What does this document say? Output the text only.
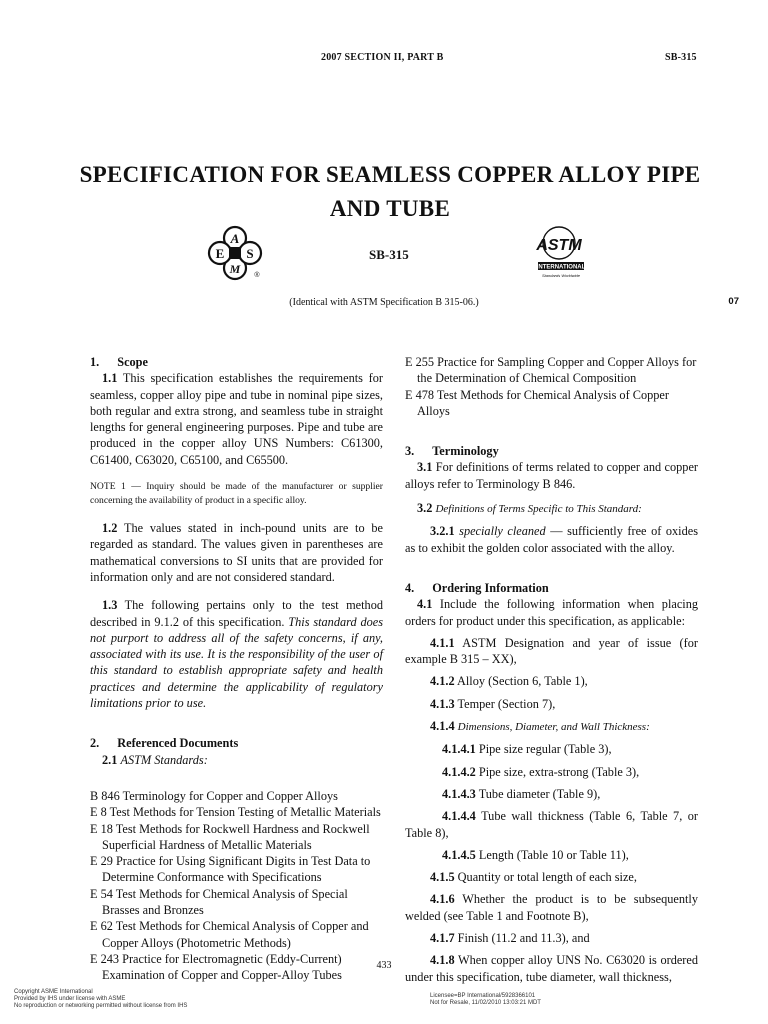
2007 SECTION II, PART B	SB-315
SPECIFICATION FOR SEAMLESS COPPER ALLOY PIPE
AND TUBE
A
E S
M ®
SB-315
ASTM
INTERNATIONAL
Standards Worldwide
(Identical with ASTM Specification B 315-06.)	07

1. Scope

1.1 This specification establishes the requirements for seamless, copper alloy pipe and tube in nominal pipe sizes, both regular and extra strong, and seamless tube in straight lengths for general engineering purposes. Pipe and tube are produced in the copper alloy UNS Numbers: C61300, C61400, C63020, C65100, and C65500.

NOTE 1 — Inquiry should be made of the manufacturer or supplier concerning the availability of product in a specific alloy.

1.2 The values stated in inch-pound units are to be regarded as standard. The values given in parentheses are mathematical conversions to SI units that are provided for information only and are not considered standard.

1.3 The following pertains only to the test method described in 9.1.2 of this specification. This standard does not purport to address all of the safety concerns, if any, associated with its use. It is the responsibility of the user of this standard to establish appropriate safety and health practices and determine the applicability of regulatory limitations prior to use.

2. Referenced Documents

2.1 ASTM Standards:

B 846 Terminology for Copper and Copper Alloys

E 8 Test Methods for Tension Testing of Metallic Materials

E 18 Test Methods for Rockwell Hardness and Rockwell Superficial Hardness of Metallic Materials

E 29 Practice for Using Significant Digits in Test Data to Determine Conformance with Specifications

E 54 Test Methods for Chemical Analysis of Special Brasses and Bronzes

E 62 Test Methods for Chemical Analysis of Copper and Copper Alloys (Photometric Methods)

E 243 Practice for Electromagnetic (Eddy-Current) Examination of Copper and Copper-Alloy Tubes

E 255 Practice for Sampling Copper and Copper Alloys for the Determination of Chemical Composition

E 478 Test Methods for Chemical Analysis of Copper Alloys

3. Terminology

3.1 For definitions of terms related to copper and copper alloys refer to Terminology B 846.

3.2 Definitions of Terms Specific to This Standard:

3.2.1 specially cleaned — sufficiently free of oxides as to exhibit the golden color associated with the alloy.

4. Ordering Information

4.1 Include the following information when placing orders for product under this specification, as applicable:

4.1.1 ASTM Designation and year of issue (for example B 315 – XX),

4.1.2 Alloy (Section 6, Table 1),

4.1.3 Temper (Section 7),

4.1.4 Dimensions, Diameter, and Wall Thickness:

4.1.4.1 Pipe size regular (Table 3),

4.1.4.2 Pipe size, extra-strong (Table 3),

4.1.4.3 Tube diameter (Table 9),

4.1.4.4 Tube wall thickness (Table 6, Table 7, or Table 8),

4.1.4.5 Length (Table 10 or Table 11),

4.1.5 Quantity or total length of each size,

4.1.6 Whether the product is to be subsequently welded (see Table 1 and Footnote B),

4.1.7 Finish (11.2 and 11.3), and

4.1.8 When copper alloy UNS No. C63020 is ordered under this specification, tube diameter, wall thickness,

433
Copyright ASME International
Provided by IHS under license with ASME
No reproduction or networking permitted without license from IHS
Licensee=BP International/5928366101
Not for Resale, 11/02/2010 13:03:21 MDT
